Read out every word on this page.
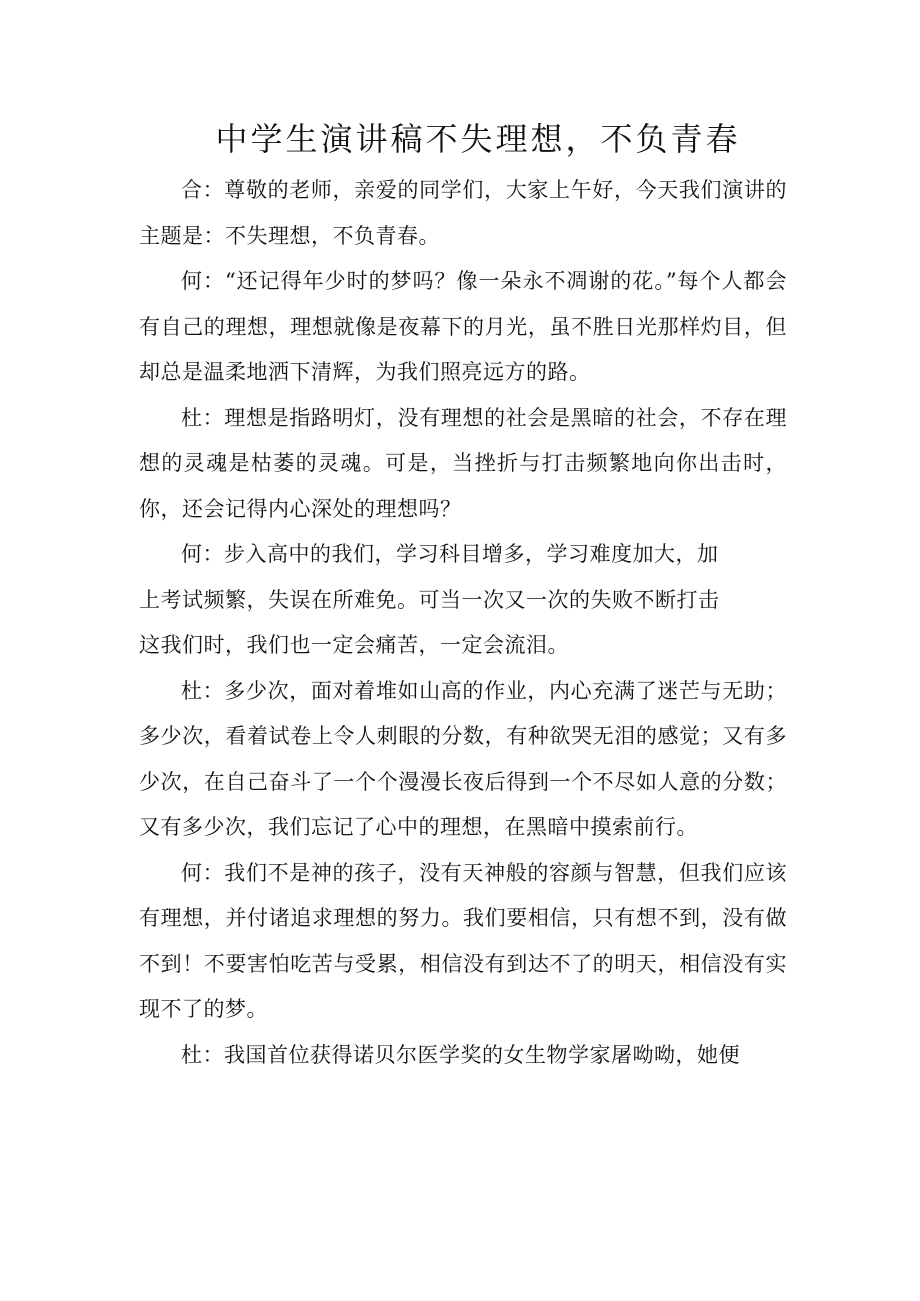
中学生演讲稿不失理想，不负青春

合：尊敬的老师，亲爱的同学们，大家上午好，今天我们演讲的主题是：不失理想，不负青春。

何：“还记得年少时的梦吗？像一朵永不凋谢的花。”每个人都会有自己的理想，理想就像是夜幕下的月光，虽不胜日光那样灼目，但却总是温柔地洒下清辉，为我们照亮远方的路。

杜：理想是指路明灯，没有理想的社会是黑暗的社会，不存在理想的灵魂是枯萎的灵魂。可是，当挫折与打击频繁地向你出击时，你，还会记得内心深处的理想吗？

何：步入高中的我们，学习科目增多，学习难度加大，加
上考试频繁，失误在所难免。可当一次又一次的失败不断打击
这我们时，我们也一定会痛苦，一定会流泪。

杜：多少次，面对着堆如山高的作业，内心充满了迷芒与无助；多少次，看着试卷上令人刺眼的分数，有种欲哭无泪的感觉；又有多少次，在自己奋斗了一个个漫漫长夜后得到一个不尽如人意的分数；又有多少次，我们忘记了心中的理想，在黑暗中摸索前行。

何：我们不是神的孩子，没有天神般的容颜与智慧，但我们应该有理想，并付诸追求理想的努力。我们要相信，只有想不到，没有做不到！不要害怕吃苦与受累，相信没有到达不了的明天，相信没有实现不了的梦。

杜：我国首位获得诺贝尔医学奖的女生物学家屠呦呦，她便
